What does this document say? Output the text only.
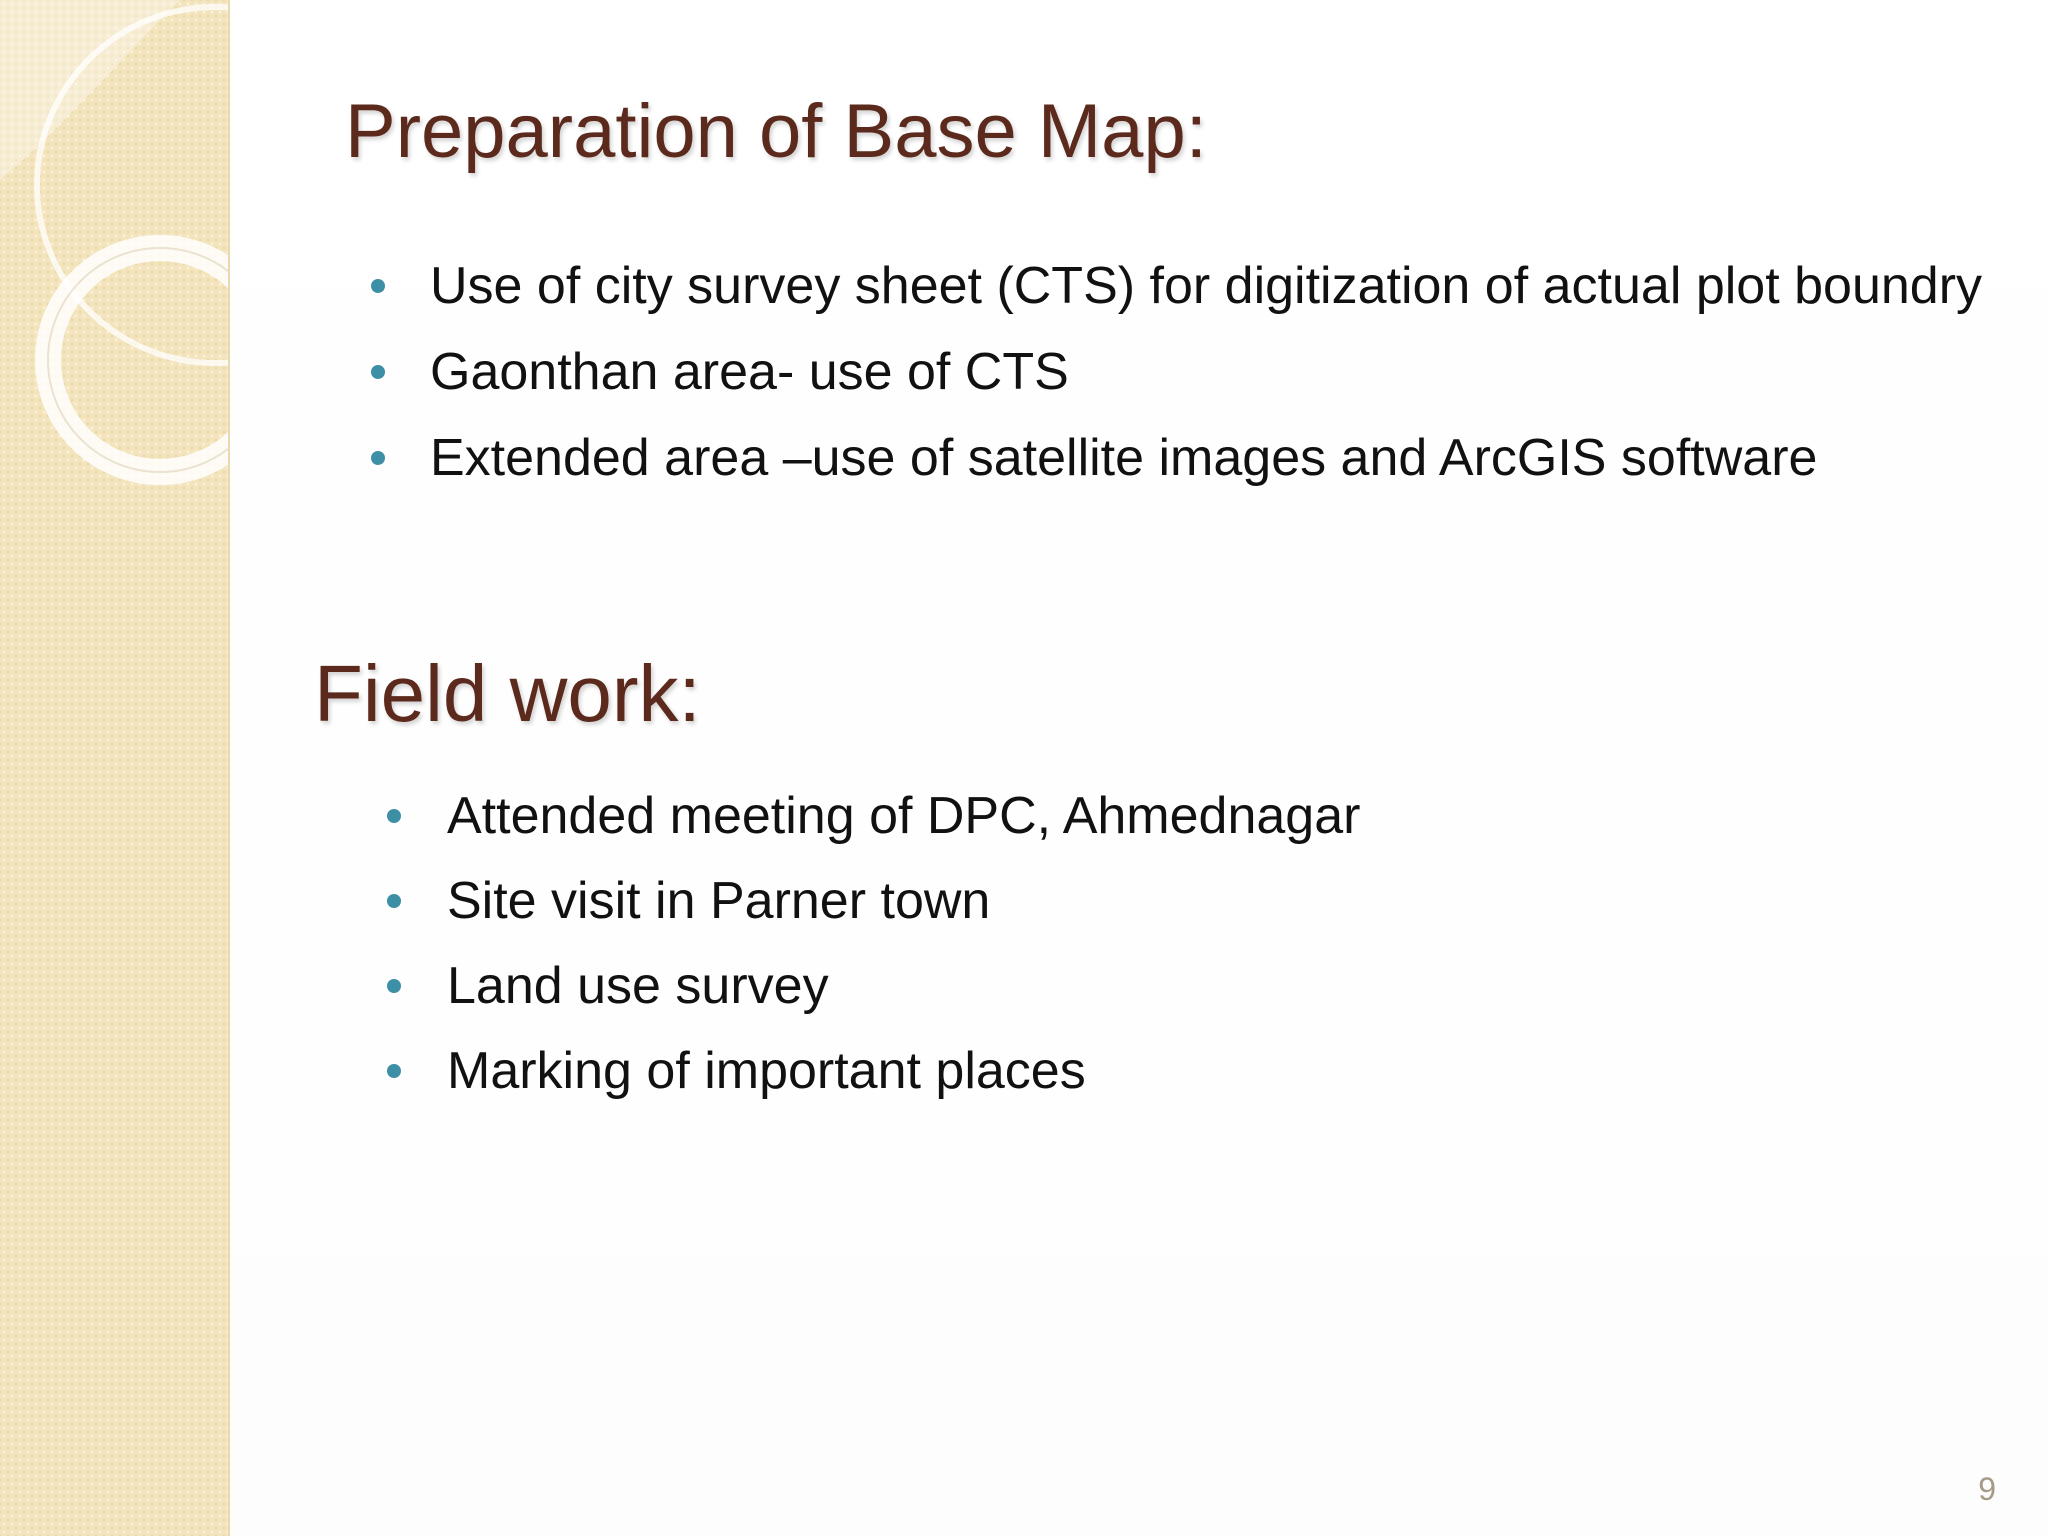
Preparation of Base Map:
Use of city survey sheet (CTS) for digitization of actual plot boundry
Gaonthan area- use of CTS
Extended area –use of satellite images and ArcGIS software
Field work:
Attended meeting of DPC, Ahmednagar
Site visit in Parner town
Land use survey
Marking of important places
9
